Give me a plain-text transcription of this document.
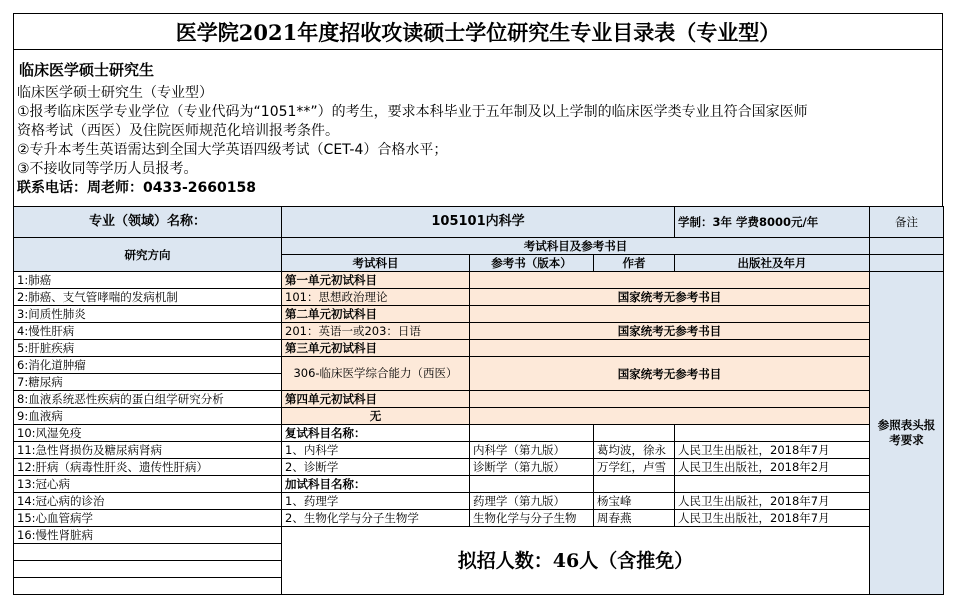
医学院2021年度招收攻读硕士学位研究生专业目录表（专业型）
临床医学硕士研究生
临床医学硕士研究生（专业型）
①报考临床医学专业学位（专业代码为“1051**”）的考生，要求本科毕业于五年制及以上学制的临床医学类专业且符合国家医师
资格考试（西医）及住院医师规范化培训报考条件。
②专升本考生英语需达到全国大学英语四级考试（CET-4）合格水平；
③不接收同等学历人员报考。
联系电话：周老师：0433-2660158
专业（领域）名称：	105101内科学			学制：3年 学费8000元/年	备注
研究方向	考试科目及参考书目				
	考试科目	参考书（版本）	作者	出版社及年月	
1:肺癌	第一单元初试科目				参照表头报考要求
2:肺癌、支气管哮喘的发病机制	101：思想政治理论	国家统考无参考书目			
3:间质性肺炎	第二单元初试科目				
4:慢性肝病	201：英语一或203：日语	国家统考无参考书目			
5:肝脏疾病	第三单元初试科目				
6:消化道肿瘤	306-临床医学综合能力（西医）	国家统考无参考书目			
7:糖尿病					
8:血液系统恶性疾病的蛋白组学研究分析	第四单元初试科目				
9:血液病	无				
10:风湿免疫	复试科目名称：				
11:急性肾损伤及糖尿病肾病	1、内科学	内科学（第九版）	葛均波，徐永	人民卫生出版社，2018年7月	
12:肝病（病毒性肝炎、遗传性肝病）	2、诊断学	诊断学（第九版）	万学红，卢雪	人民卫生出版社，2018年2月	
13:冠心病	加试科目名称：				
14:冠心病的诊治	1、药理学	药理学（第九版）	杨宝峰	人民卫生出版社，2018年7月	
15:心血管病学	2、生物化学与分子生物学	生物化学与分子生物	周春燕	人民卫生出版社，2018年7月	
16:慢性肾脏病	拟招人数：46人（含推免）				
